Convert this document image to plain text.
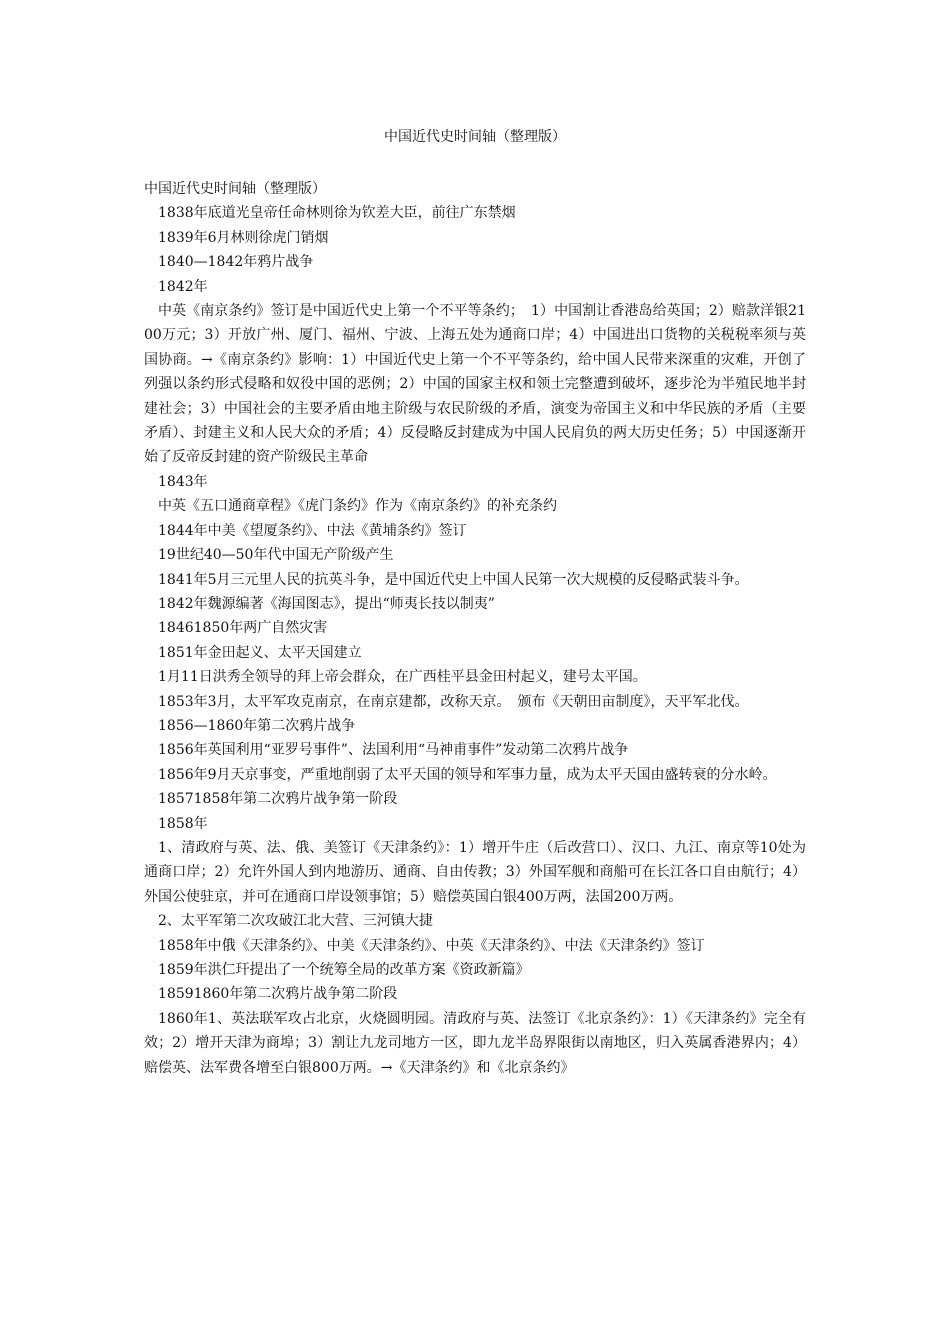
中国近代史时间轴（整理版）

中国近代史时间轴（整理版）

1838年底道光皇帝任命林则徐为钦差大臣，前往广东禁烟

1839年6月林则徐虎门销烟

1840—1842年鸦片战争

1842年

中英《南京条约》签订是中国近代史上第一个不平等条约；　1）中国割让香港岛给英国；2）赔款洋银2100万元；3）开放广州、厦门、福州、宁波、上海五处为通商口岸；4）中国进出口货物的关税税率须与英国协商。→《南京条约》影响：1）中国近代史上第一个不平等条约，给中国人民带来深重的灾难，开创了列强以条约形式侵略和奴役中国的恶例；2）中国的国家主权和领土完整遭到破坏，逐步沦为半殖民地半封建社会；3）中国社会的主要矛盾由地主阶级与农民阶级的矛盾，演变为帝国主义和中华民族的矛盾（主要矛盾）、封建主义和人民大众的矛盾；4）反侵略反封建成为中国人民肩负的两大历史任务；5）中国逐渐开始了反帝反封建的资产阶级民主革命

1843年

中英《五口通商章程》《虎门条约》作为《南京条约》的补充条约

1844年中美《望厦条约》、中法《黄埔条约》签订

19世纪40—50年代中国无产阶级产生

1841年5月三元里人民的抗英斗争，是中国近代史上中国人民第一次大规模的反侵略武装斗争。

1842年魏源编著《海国图志》，提出“师夷长技以制夷”

18461850年两广自然灾害

1851年金田起义、太平天国建立

1月11日洪秀全领导的拜上帝会群众，在广西桂平县金田村起义，建号太平国。

1853年3月，太平军攻克南京，在南京建都，改称天京。　颁布《天朝田亩制度》，天平军北伐。

1856—1860年第二次鸦片战争

1856年英国利用“亚罗号事件”、法国利用“马神甫事件”发动第二次鸦片战争

1856年9月天京事变，严重地削弱了太平天国的领导和军事力量，成为太平天国由盛转衰的分水岭。

18571858年第二次鸦片战争第一阶段

1858年

1、清政府与英、法、俄、美签订《天津条约》：1）增开牛庄（后改营口）、汉口、九江、南京等10处为通商口岸；2）允许外国人到内地游历、通商、自由传教；3）外国军舰和商船可在长江各口自由航行；4）外国公使驻京，并可在通商口岸设领事馆；5）赔偿英国白银400万两，法国200万两。

2、太平军第二次攻破江北大营、三河镇大捷

1858年中俄《天津条约》、中美《天津条约》、中英《天津条约》、中法《天津条约》签订

1859年洪仁玕提出了一个统筹全局的改革方案《资政新篇》

18591860年第二次鸦片战争第二阶段

1860年1、英法联军攻占北京，火烧圆明园。清政府与英、法签订《北京条约》：1）《天津条约》完全有效；2）增开天津为商埠；3）割让九龙司地方一区，即九龙半岛界限街以南地区，归入英属香港界内；4）赔偿英、法军费各增至白银800万两。→《天津条约》和《北京条约》
